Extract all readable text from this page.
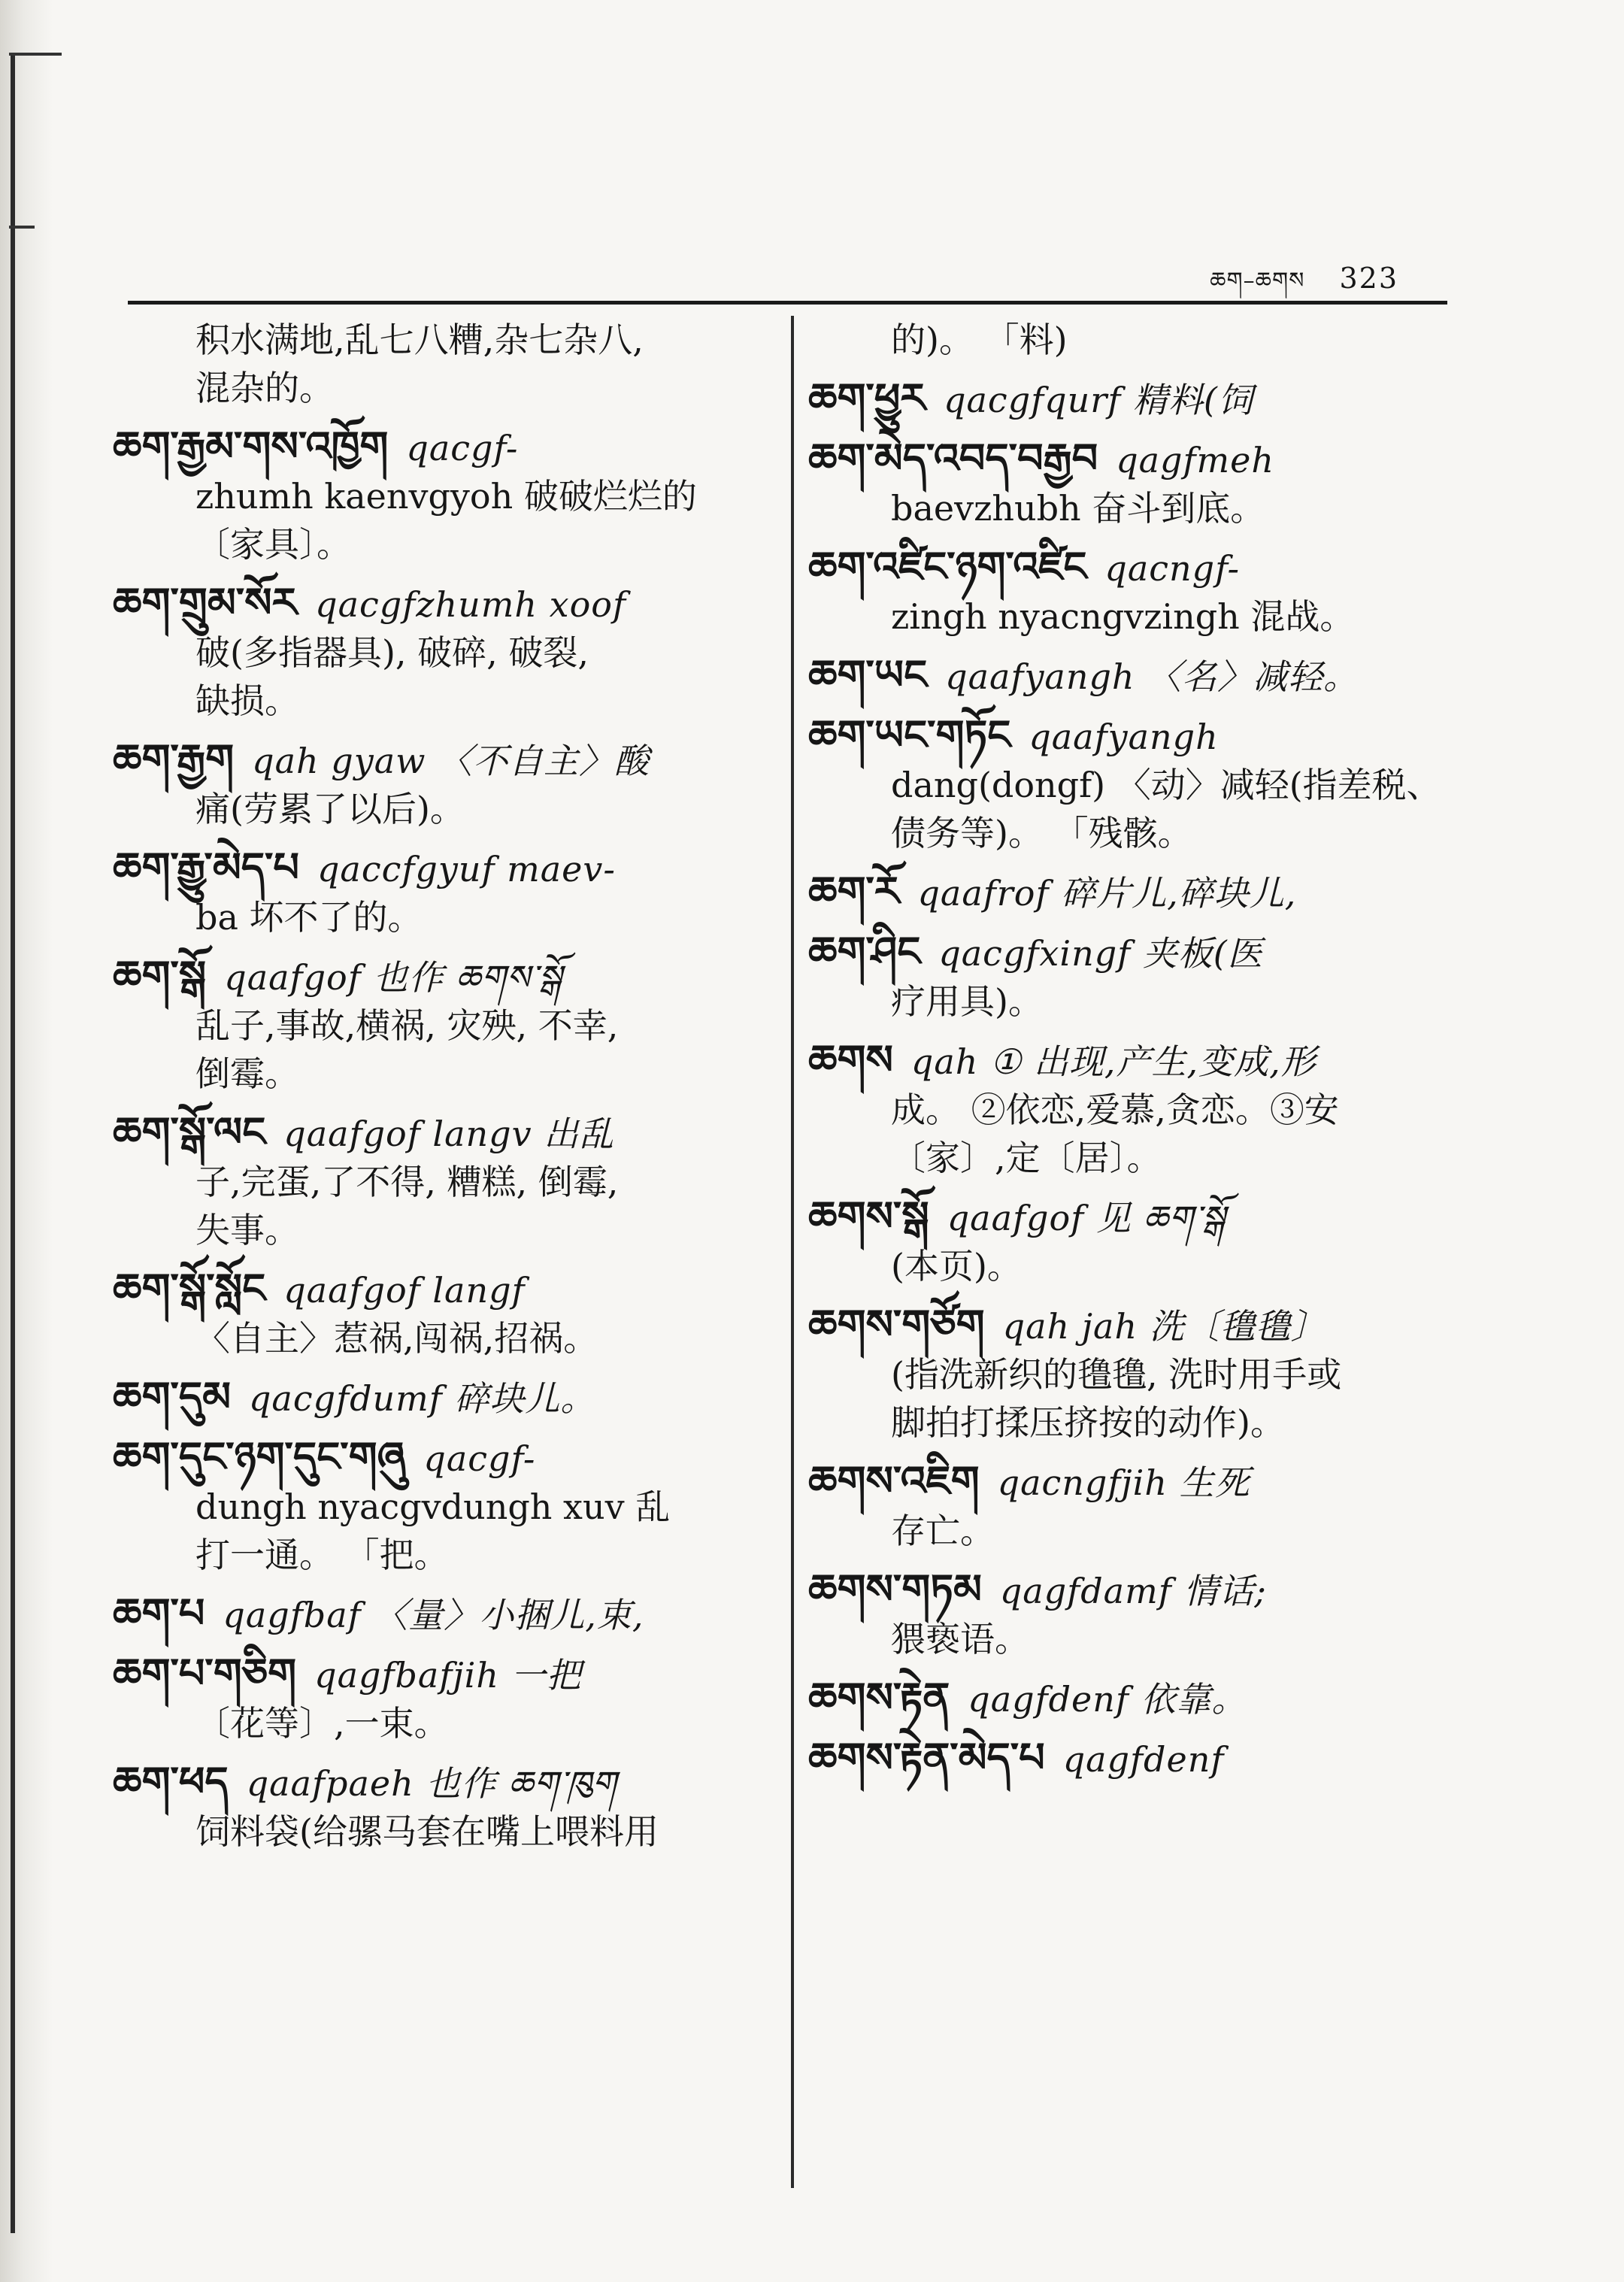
ཆག–ཆགས 323

积水满地,乱七八糟,杂七杂八,

混杂的。

ཆག་རྒྱམ་གས་འཁྱོག qacgf-

zhumh kaenvgyoh 破破烂烂的

〔家具〕。

ཆག་གྲུམ་སོར qacgfzhumh xoof

破(多指器具), 破碎, 破裂,

缺损。

ཆག་རྒྱག qah gyaw 〈不自主〉酸

痛(劳累了以后)。

ཆག་རྒྱུ་མེད་པ qaccfgyuf maev-

ba 坏不了的。

ཆག་སྒོ qaafgof 也作 ཆགས་སྒོ

乱子,事故,横祸, 灾殃, 不幸,

倒霉。

ཆག་སྒོ་ལང qaafgof langv 出乱

子,完蛋,了不得, 糟糕, 倒霉,

失事。

ཆག་སྒོ་སློང qaafgof langf

〈自主〉惹祸,闯祸,招祸。

ཆག་དུམ qacgfdumf 碎块儿。

ཆག་དུང་ཉག་དུང་གཞུ qacgf-

dungh nyacgvdungh xuv 乱

打一通。 「把。

ཆག་པ qagfbaf 〈量〉小捆儿,束,

ཆག་པ་གཅིག qagfbafjih 一把

〔花等〕,一束。

ཆག་ཕད qaafpaeh 也作 ཆག་ཁུག

饲料袋(给骡马套在嘴上喂料用

的)。 「料)

ཆག་ཕྱུར qacgfqurf 精料(饲

ཆག་མེད་འབད་བརྒྱབ qagfmeh

baevzhubh 奋斗到底。

ཆག་འཛིང་ཉག་འཛིང qacngf-

zingh nyacngvzingh 混战。

ཆག་ཡང qaafyangh 〈名〉减轻。

ཆག་ཡང་གཏོང qaafyangh

dang(dongf) 〈动〉减轻(指差税、

债务等)。 「残骸。

ཆག་རོ qaafrof 碎片儿,碎块儿,

ཆག་ཤིང qacgfxingf 夹板(医

疗用具)。

ཆགས qah ① 出现,产生,变成,形

成。 ②依恋,爱慕,贪恋。③安

〔家〕,定〔居〕。

ཆགས་སྒོ qaafgof 见 ཆག་སྒོ

(本页)。

ཆགས་གཙོག qah jah 洗〔氇氇〕

(指洗新织的氇氇, 洗时用手或

脚拍打揉压挤按的动作)。

ཆགས་འཇིག qacngfjih 生死

存亡。

ཆགས་གཏམ qagfdamf 情话;

猥亵语。

ཆགས་རྟེན qagfdenf 依靠。

ཆགས་རྟེན་མེད་པ qagfdenf
